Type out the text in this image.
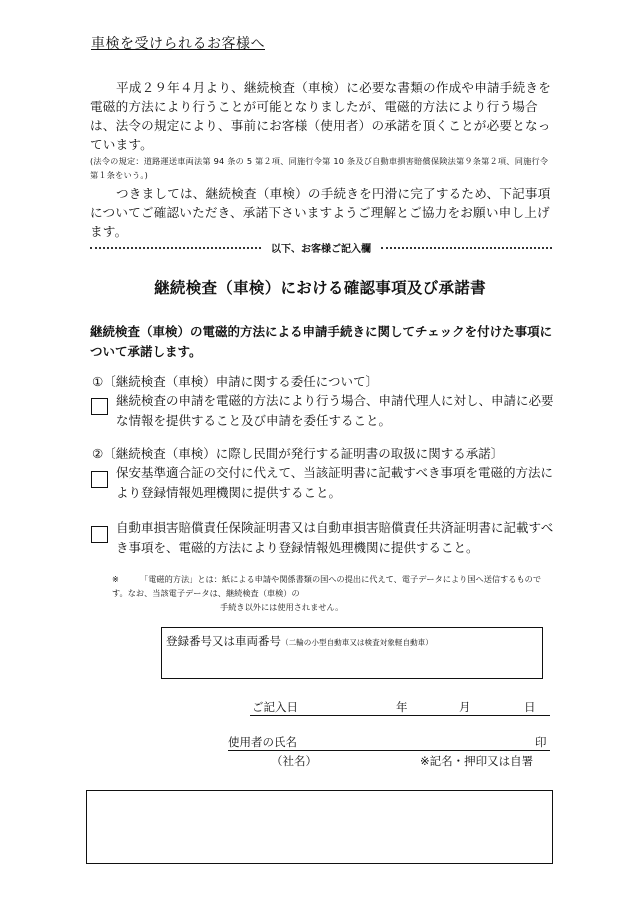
車検を受けられるお客様へ
平成２９年４月より、継続検査（車検）に必要な書類の作成や申請手続きを電磁的方法により行うことが可能となりましたが、電磁的方法により行う場合は、法令の規定により、事前にお客様（使用者）の承諾を頂くことが必要となっています。
(法令の規定：道路運送車両法第 94 条の 5 第２項、同施行令第 10 条及び自動車損害賠償保険法第９条第２項、同施行令第１条をいう。)
つきましては、継続検査（車検）の手続きを円滑に完了するため、下記事項についてご確認いただき、承諾下さいますようご理解とご協力をお願い申し上げます。
以下、お客様ご記入欄
継続検査（車検）における確認事項及び承諾書
継続検査（車検）の電磁的方法による申請手続きに関してチェックを付けた事項について承諾します。
①〔継続検査（車検）申請に関する委任について〕
継続検査の申請を電磁的方法により行う場合、申請代理人に対し、申請に必要な情報を提供すること及び申請を委任すること。
②〔継続検査（車検）に際し民間が発行する証明書の取扱に関する承諾〕
保安基準適合証の交付に代えて、当該証明書に記載すべき事項を電磁的方法により登録情報処理機関に提供すること。
自動車損害賠償責任保険証明書又は自動車損害賠償責任共済証明書に記載すべき事項を、電磁的方法により登録情報処理機関に提供すること。
※	「電磁的方法」とは：紙による申請や関係書類の国への提出に代えて、電子データにより国へ送信するものです。なお、当該電子データは、継続検査（車検）の
手続き以外には使用されません。
登録番号又は車両番号（二輪の小型自動車又は検査対象軽自動車）
ご記入日	年	月	日
使用者の氏名	印
（社名）	※記名・押印又は自署
